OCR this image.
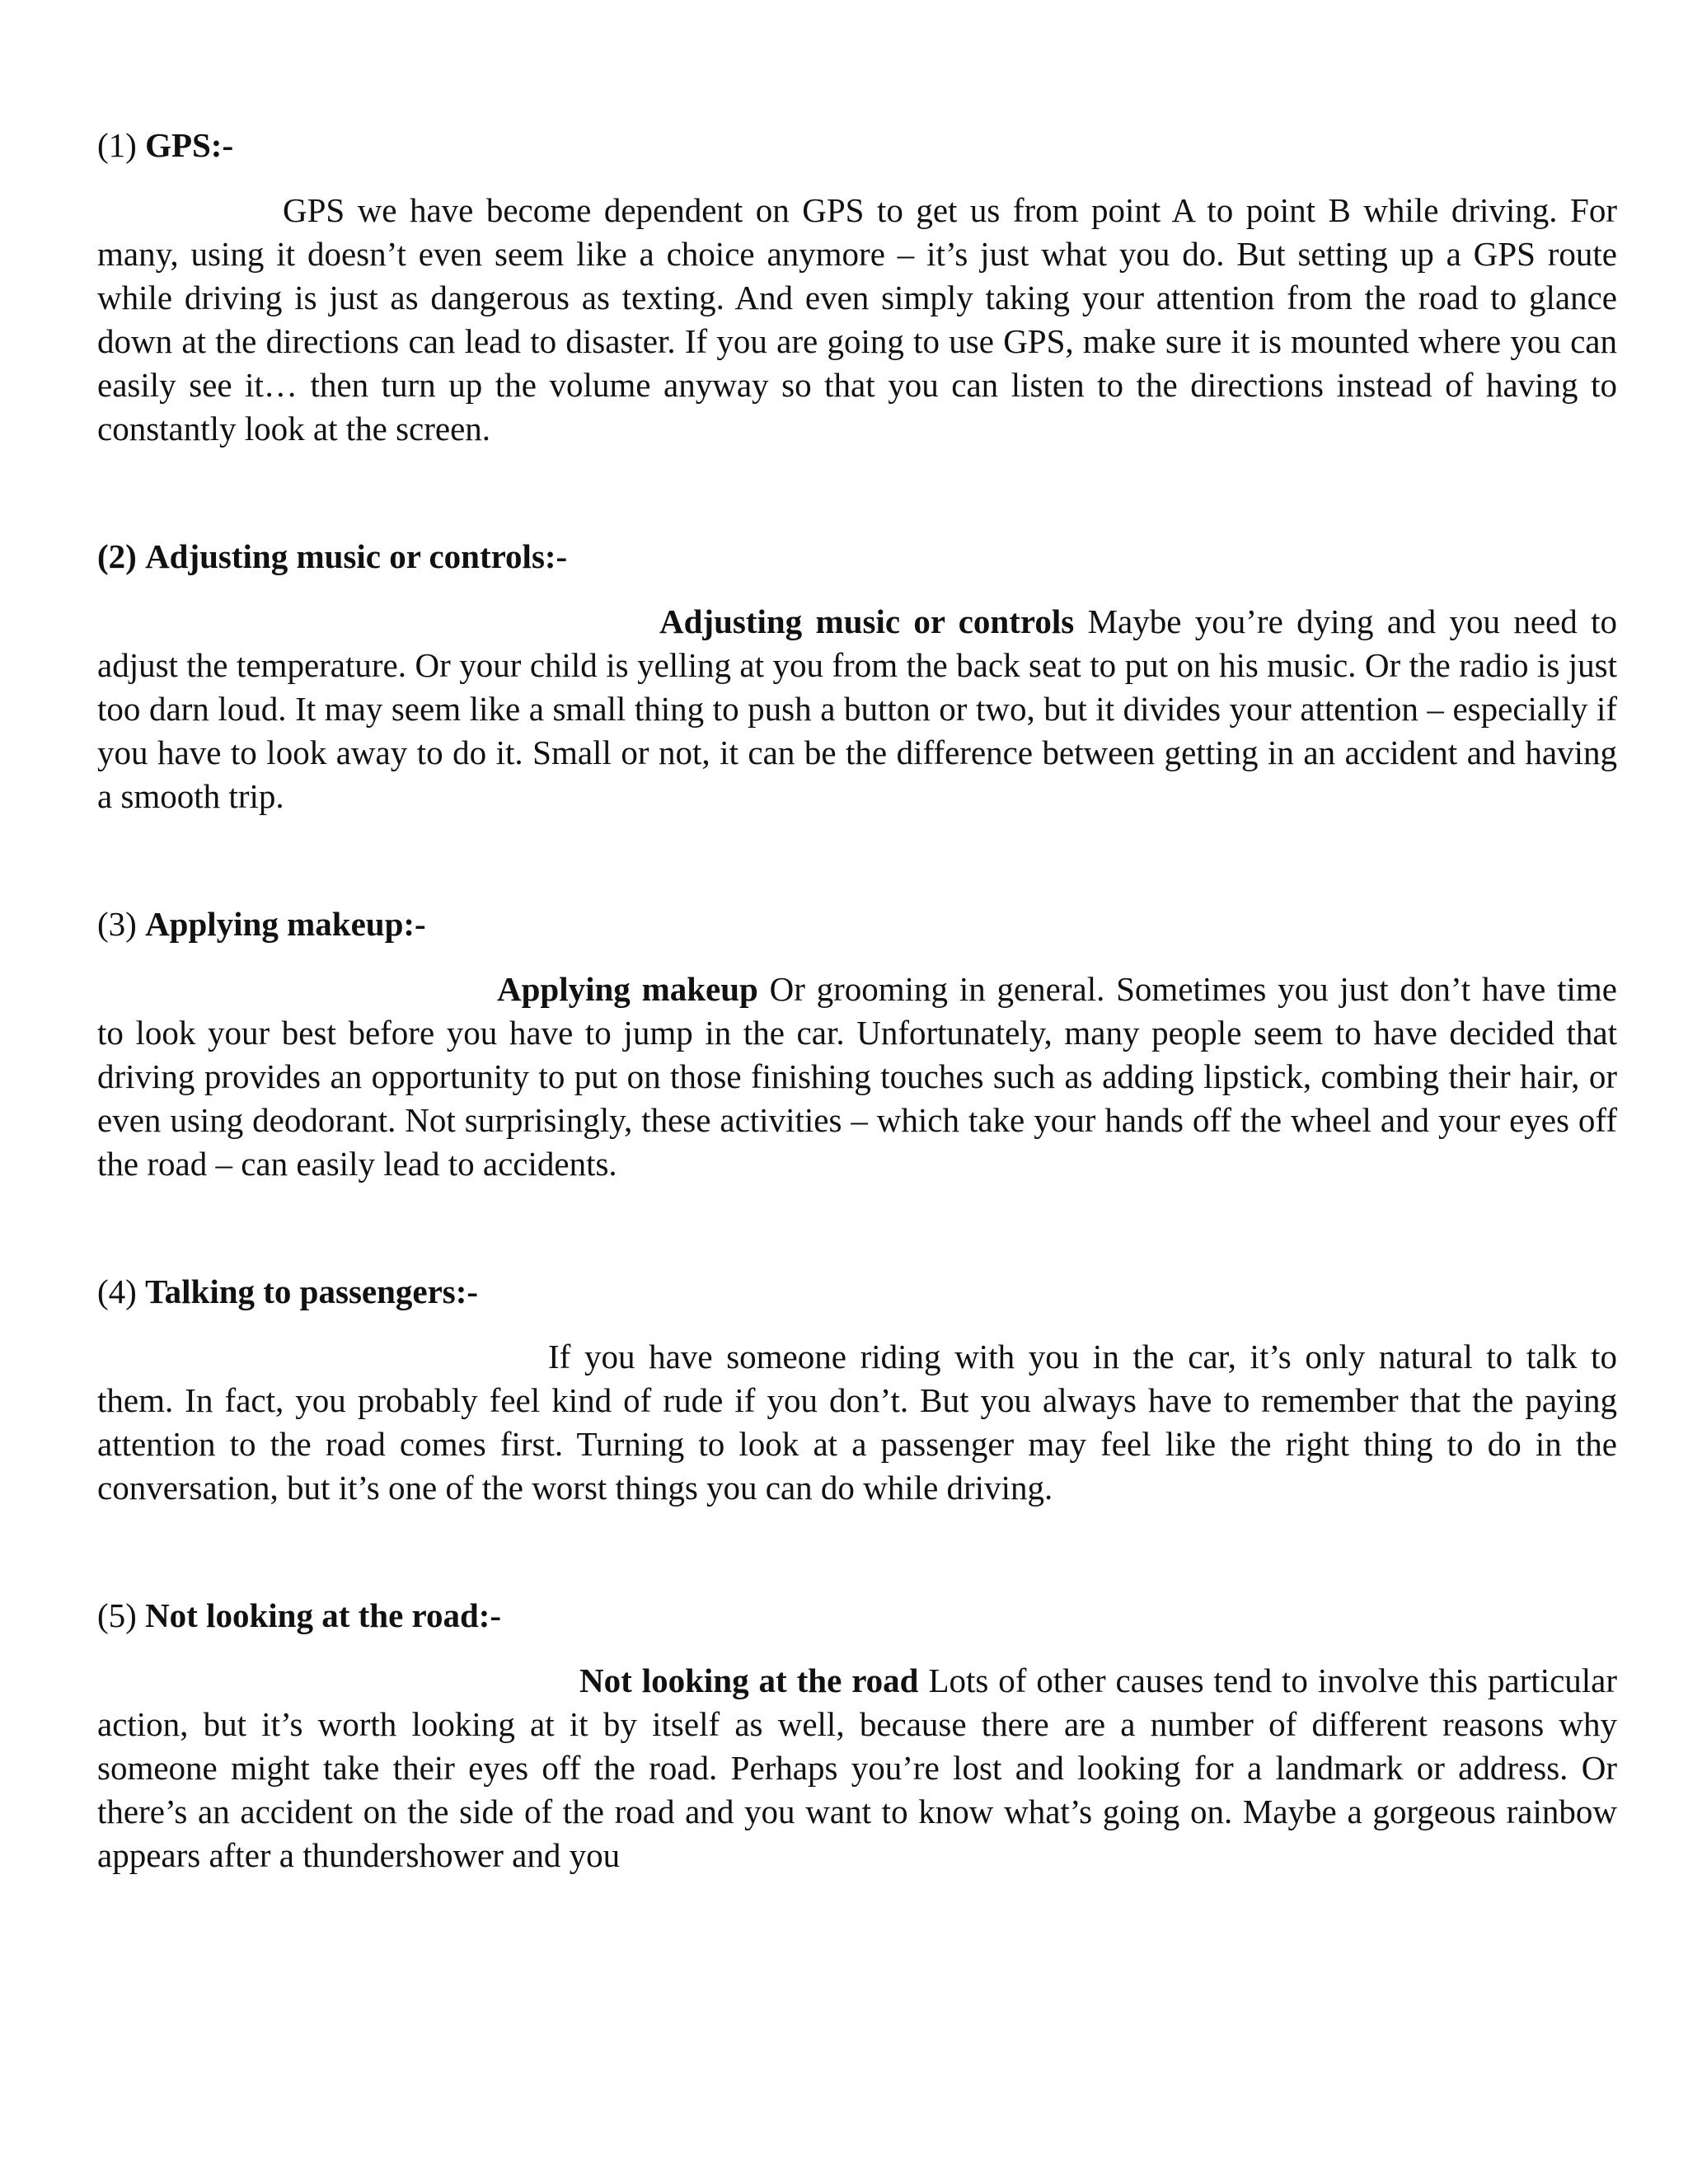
(1) GPS:-

GPS we have become dependent on GPS to get us from point A to point B while driving. For many, using it doesn’t even seem like a choice anymore – it’s just what you do. But setting up a GPS route while driving is just as dangerous as texting. And even simply taking your attention from the road to glance down at the directions can lead to disaster. If you are going to use GPS, make sure it is mounted where you can easily see it… then turn up the volume anyway so that you can listen to the directions instead of having to constantly look at the screen.

(2) Adjusting music or controls:-

Adjusting music or controls Maybe you’re dying and you need to adjust the temperature. Or your child is yelling at you from the back seat to put on his music. Or the radio is just too darn loud. It may seem like a small thing to push a button or two, but it divides your attention – especially if you have to look away to do it. Small or not, it can be the difference between getting in an accident and having a smooth trip.

(3) Applying makeup:-

Applying makeup Or grooming in general. Sometimes you just don’t have time to look your best before you have to jump in the car. Unfortunately, many people seem to have decided that driving provides an opportunity to put on those finishing touches such as adding lipstick, combing their hair, or even using deodorant. Not surprisingly, these activities – which take your hands off the wheel and your eyes off the road – can easily lead to accidents.

(4) Talking to passengers:-

If you have someone riding with you in the car, it’s only natural to talk to them. In fact, you probably feel kind of rude if you don’t. But you always have to remember that the paying attention to the road comes first. Turning to look at a passenger may feel like the right thing to do in the conversation, but it’s one of the worst things you can do while driving.

(5) Not looking at the road:-

Not looking at the road Lots of other causes tend to involve this particular action, but it’s worth looking at it by itself as well, because there are a number of different reasons why someone might take their eyes off the road. Perhaps you’re lost and looking for a landmark or address. Or there’s an accident on the side of the road and you want to know what’s going on. Maybe a gorgeous rainbow appears after a thundershower and you
